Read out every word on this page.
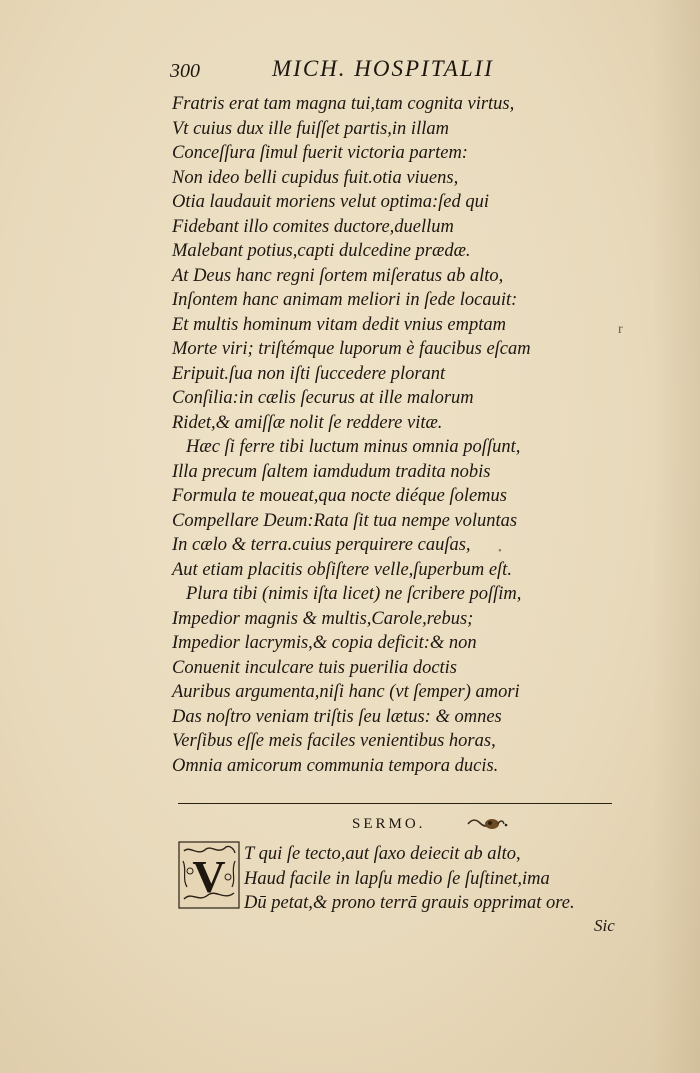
300	MICH. HOSPITALII
Fratris erat tam magna tui,tam cognita virtus,
Vt cuius dux ille fuiſſet partis,in illam
Conceſſura ſimul fuerit victoria partem:
Non ideo belli cupidus fuit.otia viuens,
Otia laudauit moriens velut optima:ſed qui
Fidebant illo comites ductore,duellum
Malebant potius,capti dulcedine prædæ.
At Deus hanc regni ſortem miſeratus ab alto,
Inſontem hanc animam meliori in ſede locauit:
Et multis hominum vitam dedit vnius emptam
Morte viri; triſtémque luporum è faucibus eſcam
Eripuit.ſua non iſti ſuccedere plorant
Conſilia:in cælis ſecurus at ille malorum
Ridet,& amiſſæ nolit ſe reddere vitæ.
Hæc ſi ferre tibi luctum minus omnia poſſunt,
Illa precum ſaltem iamdudum tradita nobis
Formula te moueat,qua nocte diéque ſolemus
Compellare Deum:Rata ſit tua nempe voluntas
In cælo & terra.cuius perquirere cauſas,
Aut etiam placitis obſiſtere velle,ſuperbum eſt.
Plura tibi (nimis iſta licet) ne ſcribere poſſim,
Impedior magnis & multis,Carole,rebus;
Impedior lacrymis,& copia deficit:& non
Conuenit inculcare tuis puerilia doctis
Auribus argumenta,niſi hanc (vt ſemper) amori
Das noſtro veniam triſtis ſeu lætus: & omnes
Verſibus eſſe meis faciles venientibus horas,
Omnia amicorum communia tempora ducis.
r
•
SERMO.
V T qui ſe tecto,aut ſaxo deiecit ab alto,
Haud facile in lapſu medio ſe ſuſtinet,ima
Dū petat,& prono terrā grauis opprimat ore.
Sic
